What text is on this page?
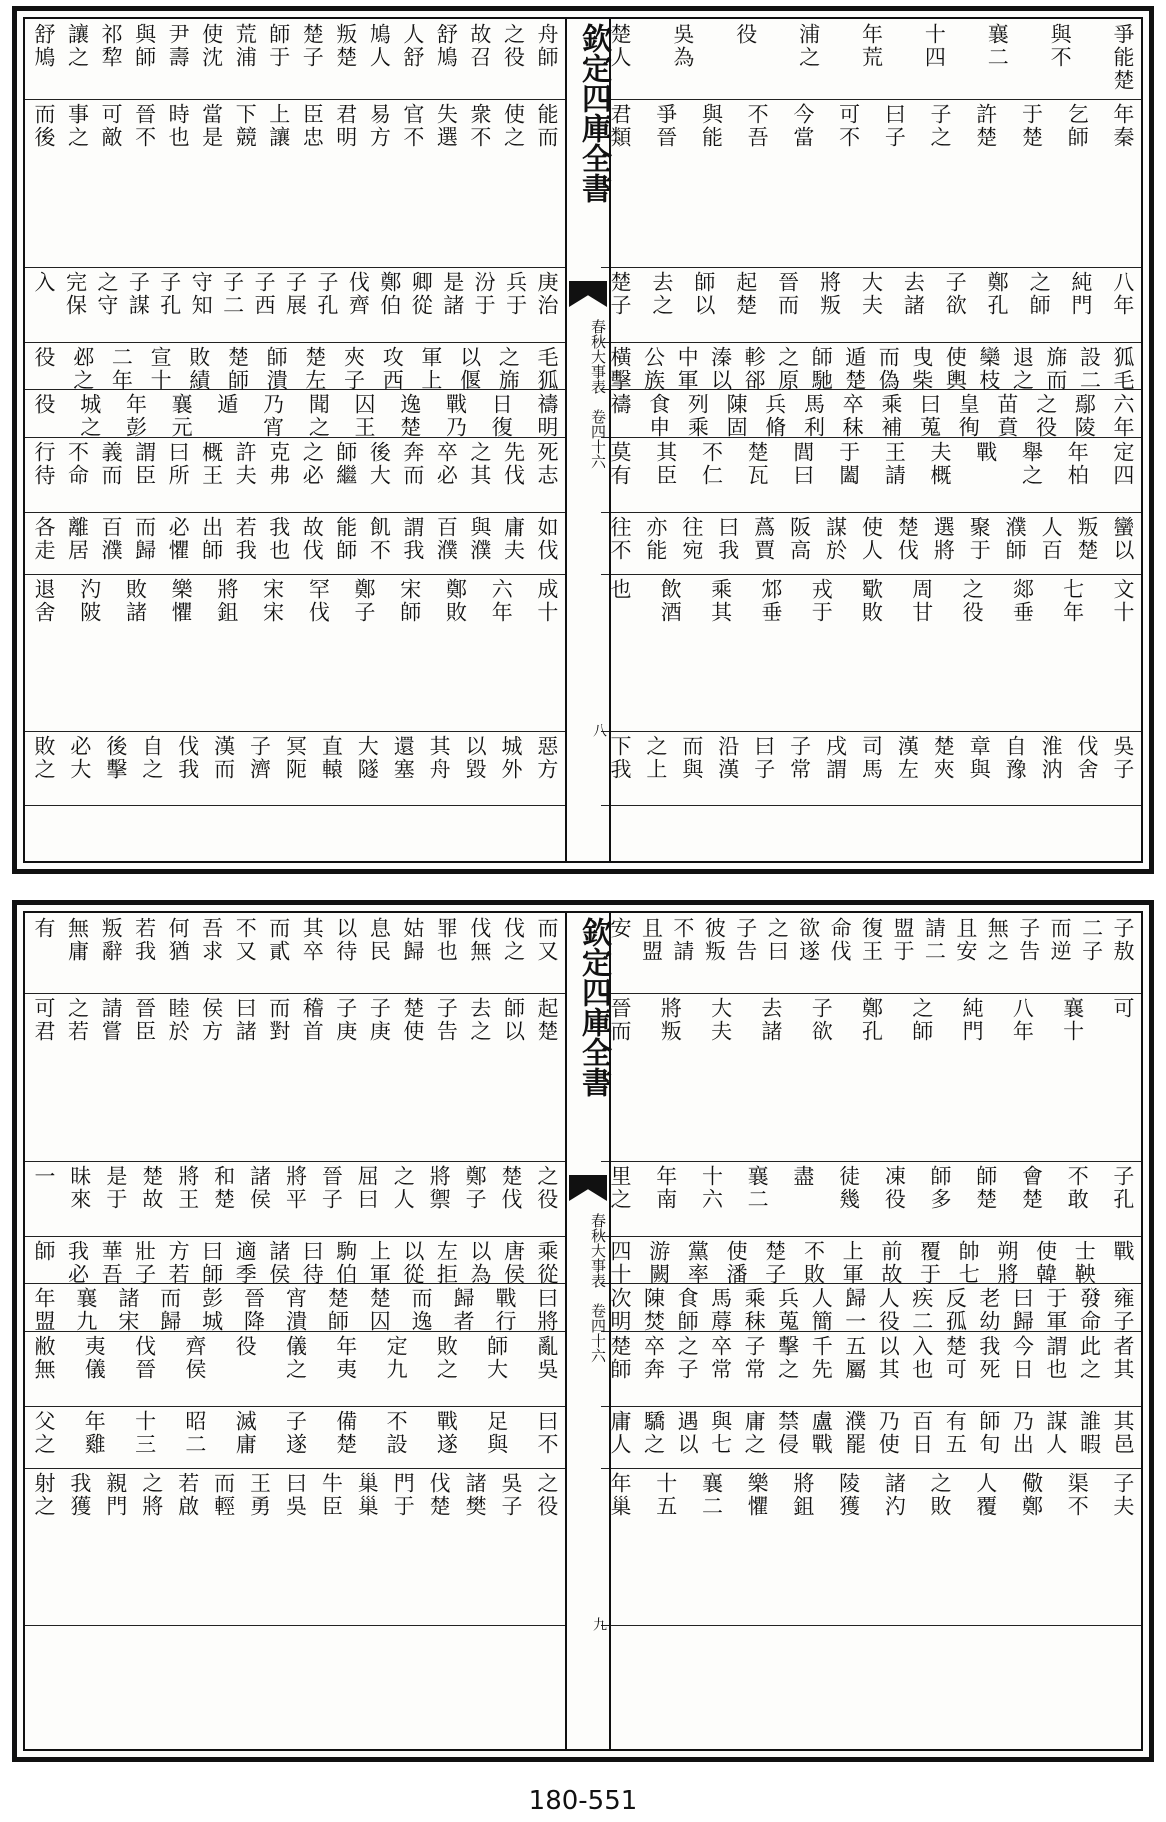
爭能楚
與不
襄二
十四
年荒
浦之
役
吳為
楚人
年秦
乞師
于楚
許楚
子之
曰子
可不
今當
不吾
與能
爭晉
君類
八年
純門
之師
鄭孔
子欲
去諸
大夫
將叛
晉而
起楚
師以
去之
楚子
狐毛
設二
旆而
退之
欒枝
使輿
曳柴
而偽
遁楚
師馳
之原
軫郤
溱以
中軍
公族
橫擊
六年
鄢陵
之役
苗賁
皇徇
曰蒐
乘補
卒秣
馬利
兵脩
陳固
列乘
食申
禱
定四
年柏
舉之
戰
夫概
王請
于闔
閭曰
楚瓦
不仁
其臣
莫有
蠻以
叛楚
人百
濮師
聚于
選將
楚伐
使人
謀於
阪高
蔿賈
曰我
往宛
亦能
往不
文十
七年
郯垂
之役
周甘
歜敗
戎于
邥垂
乘其
飲酒
也
吳子
伐舍
淮汭
自豫
章與
楚夾
漢左
司馬
戌謂
子常
曰子
沿漢
而與
之上
下我
舟師
之役
故召
舒鳩
人舒
鳩人
叛楚
楚子
師于
荒浦
使沈
尹壽
與師
祁犂
讓之
舒鳩
能而
使之
衆不
失選
官不
易方
君明
臣忠
上讓
下競
當是
時也
晉不
可敵
事之
而後
庚治
兵于
汾于
是諸
卿從
鄭伯
伐齊
子孔
子展
子西
子二
守知
子孔
子謀
之守
完保
入
毛狐
之旆
以偃
軍上
攻西
夾子
楚左
師潰
楚師
敗績
宣十
二年
邲之
役
禱明
日復
戰乃
逸楚
囚王
聞之
乃宵
遁
襄元
年彭
城之
役
死志
先伐
之其
卒必
奔而
後大
師繼
之必
克弗
許夫
概王
曰所
謂臣
義而
不命
行待
如伐
庸夫
與濮
百濮
謂我
飢不
能師
故伐
我也
若我
出師
必懼
而歸
百濮
離居
各走
成十
六年
鄭敗
宋師
鄭子
罕伐
宋宋
將鉏
樂懼
敗諸
汋陂
退舍
惡方
城外
以毀
其舟
還塞
大隧
直轅
冥阨
子濟
漢而
伐我
自之
後擊
必大
敗之
欽定四庫全書
春秋大事表　卷四十六
八
子敖
二子
而逆
子告
無之
且安
請二
盟于
復王
命伐
欲遂
之曰
子告
彼叛
不請
且盟
安
可
襄十
八年
純門
之師
鄭孔
子欲
去諸
大夫
將叛
晉而
子孔
不敢
會楚
師楚
師多
凍役
徒幾
盡
襄二
十六
年南
里之
戰
士鞅
使韓
朔將
帥七
覆于
前故
上軍
不敗
楚子
使潘
黨率
游闕
四十
雍子
發命
于軍
曰歸
老幼
反孤
疾二
人役
歸一
人簡
兵蒐
乘秣
馬蓐
食師
陳焚
次明
者其
此之
謂也
今日
我死
楚可
入也
以其
五屬
千先
擊之
子常
卒常
之子
卒奔
楚師
其邑
誰暇
謀人
乃出
師旬
有五
百日
乃使
濮罷
盧戰
禁侵
庸之
與七
遇以
驕之
庸人
子夫
渠不
儆鄭
人覆
之敗
諸汋
陵獲
將鉏
樂懼
襄二
十五
年巢
而又
伐之
伐無
罪也
姑歸
息民
以待
其卒
而貳
不又
吾求
何猶
若我
叛辭
無庸
有
起楚
師以
去之
子告
楚使
子庚
子庚
稽首
而對
曰諸
侯方
睦於
晉臣
請嘗
之若
可君
之役
楚伐
鄭子
將禦
之人
屈曰
晉子
將平
諸侯
和楚
將王
楚故
是于
昧來
一
乘從
唐侯
以為
左拒
以從
上軍
駒伯
曰待
諸侯
適季
曰師
方若
壯子
華吾
我必
師
曰將
戰行
歸者
而逸
楚囚
楚師
宵潰
晉降
彭城
而歸
諸宋
襄九
年盟
亂吳
師大
敗之
定九
年夷
儀之
役
齊侯
伐晉
夷儀
敝無
曰不
足與
戰遂
不設
備楚
子遂
滅庸
昭二
十三
年雞
父之
之役
吳子
諸樊
伐楚
門于
巢巢
牛臣
曰吳
王勇
而輕
若啟
之將
親門
我獲
射之
欽定四庫全書
春秋大事表　卷四十六
九
180-551
